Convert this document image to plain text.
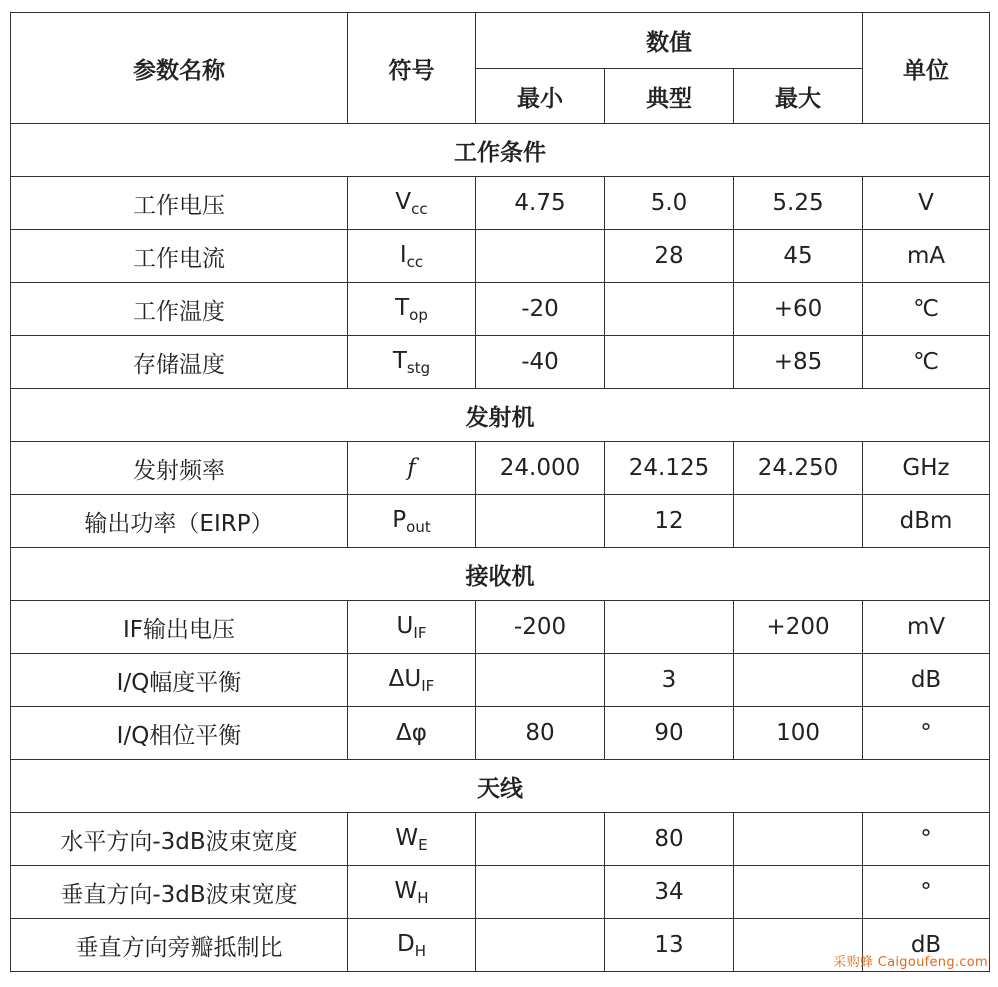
参数名称	符号	数值			单位
		最小	典型	最大	
工作条件					
工作电压	$V_{cc}$	4.75	5.0	5.25	V
工作电流	$I_{cc}$		28	45	mA
工作温度	$T_{op}$	-20		+60	℃
存储温度	$T_{stg}$	-40		+85	℃
发射机					
发射频率	f	24.000	24.125	24.250	GHz
输出功率（EIRP）	$P_{out}$		12		dBm
接收机					
IF输出电压	$U_{IF}$	-200		+200	mV
I/Q幅度平衡	$\Delta U_{IF}$		3		dB
I/Q相位平衡	Δφ	80	90	100	°
天线					
水平方向-3dB波束宽度	$W_E$		80		°
垂直方向-3dB波束宽度	$W_H$		34		°
垂直方向旁瓣抵制比	$D_H$		13		dB
采购蜂 Caigoufeng.com
